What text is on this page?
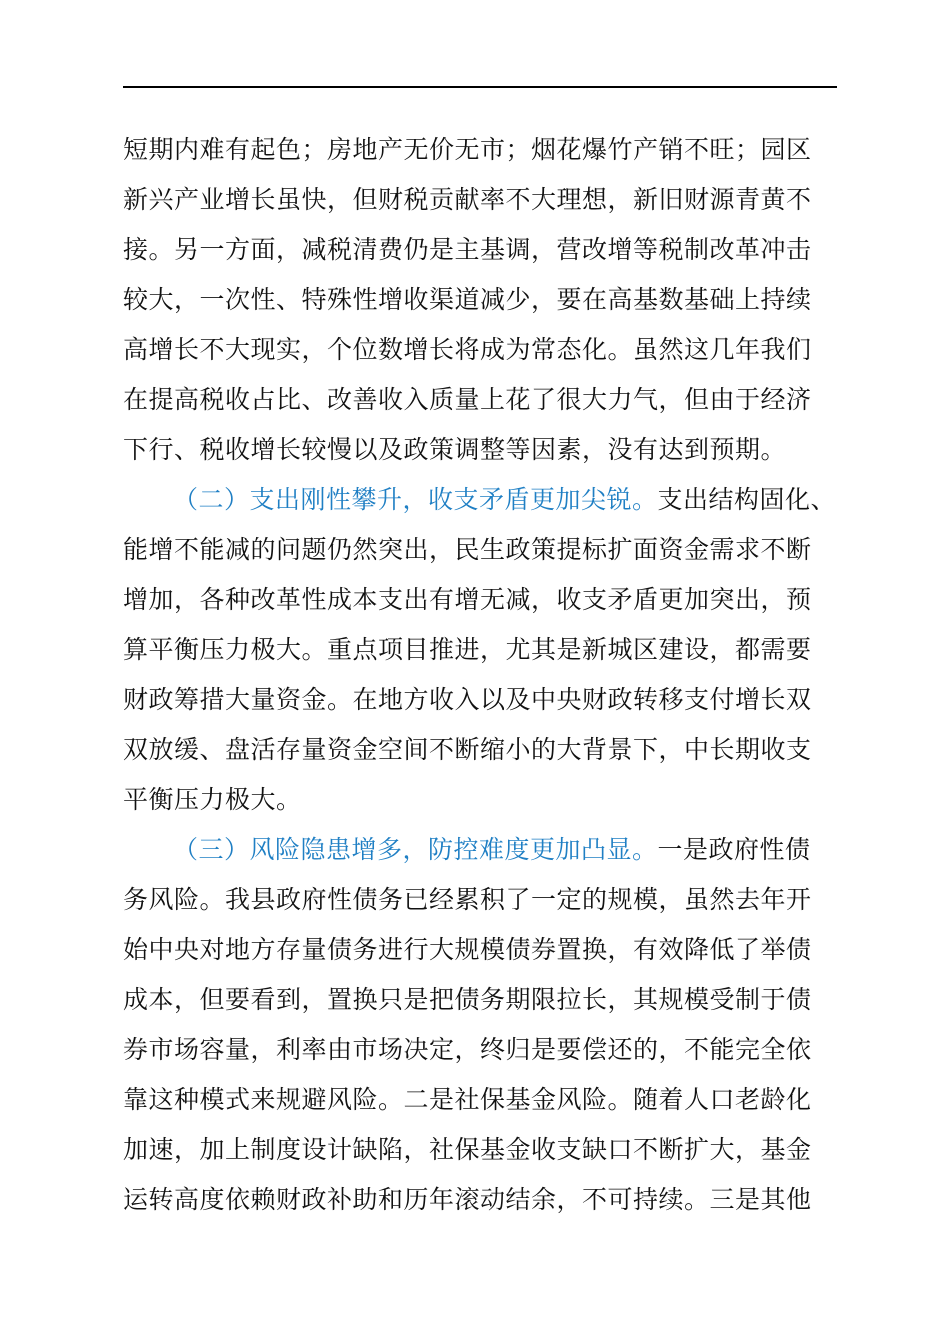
短期内难有起色；房地产无价无市；烟花爆竹产销不旺；园区
新兴产业增长虽快，但财税贡献率不大理想，新旧财源青黄不
接。另一方面，减税清费仍是主基调，营改增等税制改革冲击
较大，一次性、特殊性增收渠道减少，要在高基数基础上持续
高增长不大现实，个位数增长将成为常态化。虽然这几年我们
在提高税收占比、改善收入质量上花了很大力气，但由于经济
下行、税收增长较慢以及政策调整等因素，没有达到预期。
（二）支出刚性攀升，收支矛盾更加尖锐。支出结构固化、
能增不能减的问题仍然突出，民生政策提标扩面资金需求不断
增加，各种改革性成本支出有增无减，收支矛盾更加突出，预
算平衡压力极大。重点项目推进，尤其是新城区建设，都需要
财政筹措大量资金。在地方收入以及中央财政转移支付增长双
双放缓、盘活存量资金空间不断缩小的大背景下，中长期收支
平衡压力极大。
（三）风险隐患增多，防控难度更加凸显。一是政府性债
务风险。我县政府性债务已经累积了一定的规模，虽然去年开
始中央对地方存量债务进行大规模债券置换，有效降低了举债
成本，但要看到，置换只是把债务期限拉长，其规模受制于债
券市场容量，利率由市场决定，终归是要偿还的，不能完全依
靠这种模式来规避风险。二是社保基金风险。随着人口老龄化
加速，加上制度设计缺陷，社保基金收支缺口不断扩大，基金
运转高度依赖财政补助和历年滚动结余，不可持续。三是其他
